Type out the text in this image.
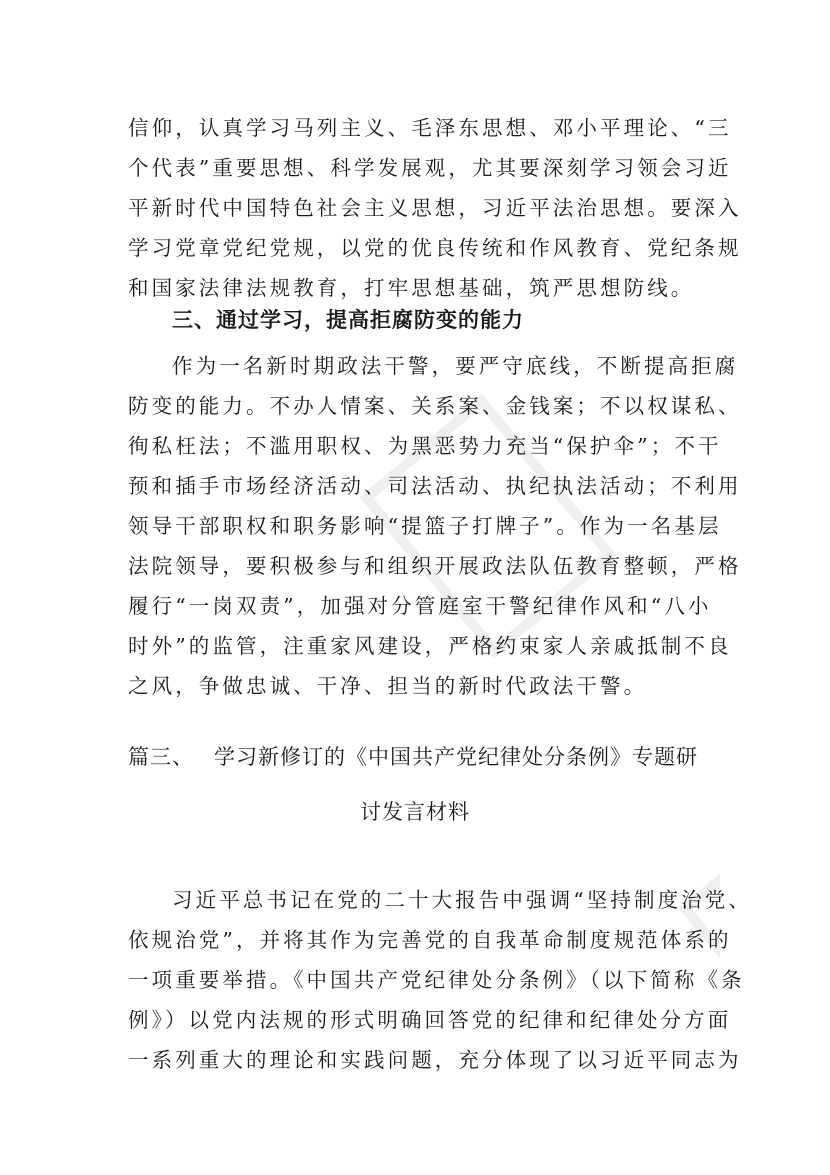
信仰，认真学习马列主义、毛泽东思想、邓小平理论、“三
个代表”重要思想、科学发展观，尤其要深刻学习领会习近
平新时代中国特色社会主义思想，习近平法治思想。要深入
学习党章党纪党规，以党的优良传统和作风教育、党纪条规
和国家法律法规教育，打牢思想基础，筑严思想防线。
三、通过学习，提高拒腐防变的能力
作为一名新时期政法干警，要严守底线，不断提高拒腐
防变的能力。不办人情案、关系案、金钱案；不以权谋私、
徇私枉法；不滥用职权、为黑恶势力充当“保护伞”；不干
预和插手市场经济活动、司法活动、执纪执法活动；不利用
领导干部职权和职务影响“提篮子打牌子”。作为一名基层
法院领导，要积极参与和组织开展政法队伍教育整顿，严格
履行“一岗双责”，加强对分管庭室干警纪律作风和“八小
时外”的监管，注重家风建设，严格约束家人亲戚抵制不良
之风，争做忠诚、干净、担当的新时代政法干警。
篇三、 学习新修订的《中国共产党纪律处分条例》专题研
讨发言材料
习近平总书记在党的二十大报告中强调“坚持制度治党、
依规治党”，并将其作为完善党的自我革命制度规范体系的
一项重要举措。《中国共产党纪律处分条例》（以下简称《条
例》）以党内法规的形式明确回答党的纪律和纪律处分方面
一系列重大的理论和实践问题，充分体现了以习近平同志为
